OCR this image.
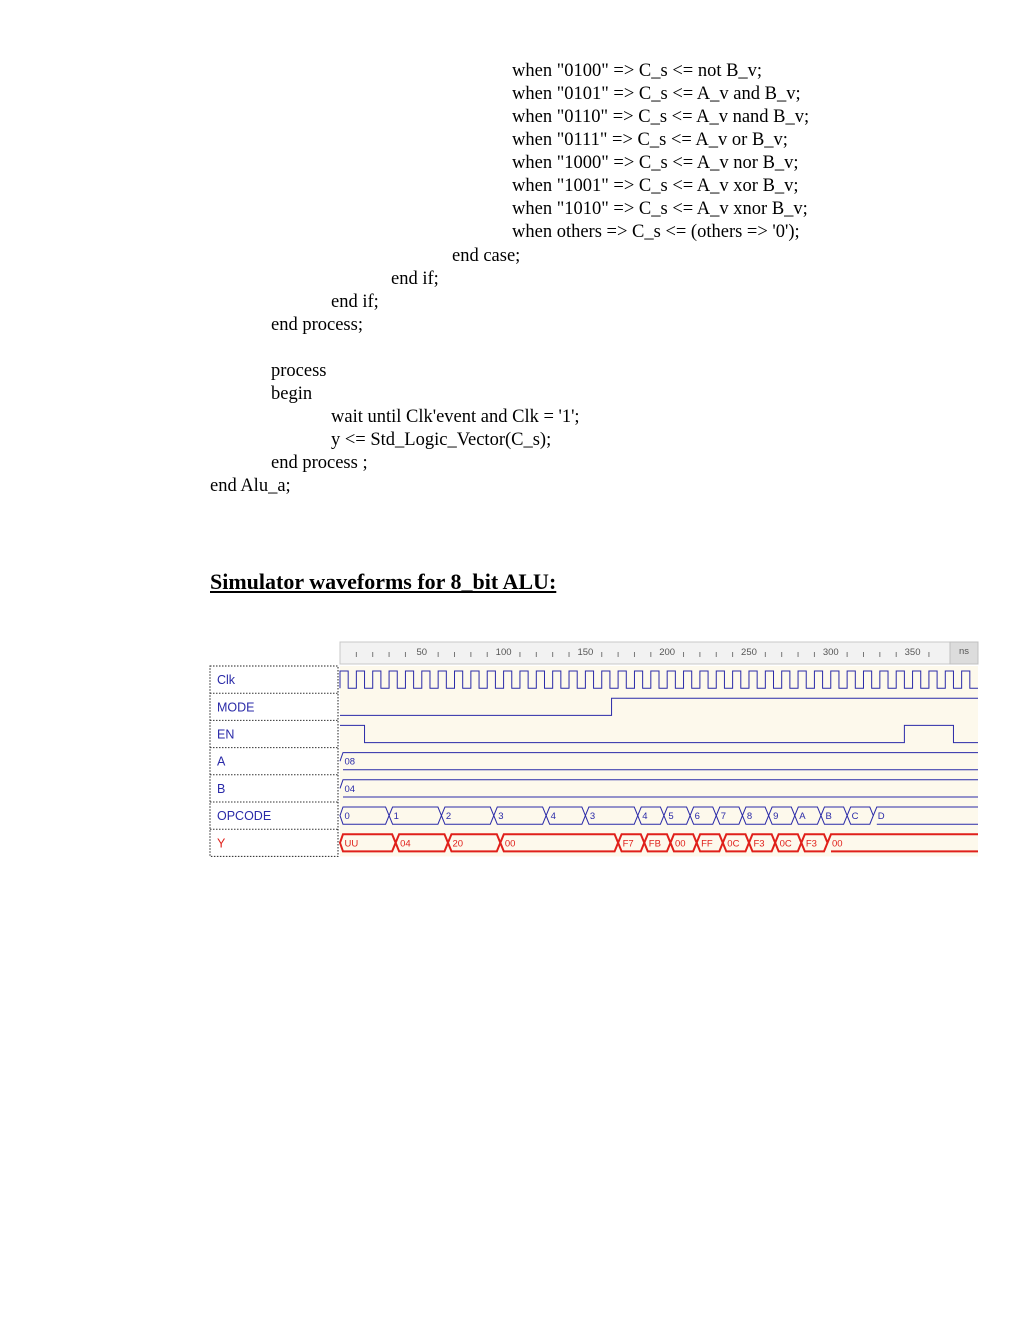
when "0100" => C_s <= not B_v;
when "0101" => C_s <= A_v and B_v;
when "0110" => C_s <= A_v nand B_v;
when "0111" => C_s <= A_v or B_v;
when "1000" => C_s <= A_v nor B_v;
when "1001" => C_s <= A_v xor B_v;
when "1010" => C_s <= A_v xnor B_v;
when others => C_s <= (others => '0');
end case;
end if;
end if;
end process;
process
begin
wait until Clk'event and Clk = '1';
y <= Std_Logic_Vector(C_s);
end process ;
end Alu_a;
Simulator waveforms for 8_bit ALU:
ns
50	100	150	200	250	300	350
Clk
MODE
EN
A	08
B	04
OPCODE	0	1	2	3	4	3	4 5 6 7 8 9 A B C D
Y	UU	04	20	00	F7 FB 00 FF 0C F3 0C F3 00
